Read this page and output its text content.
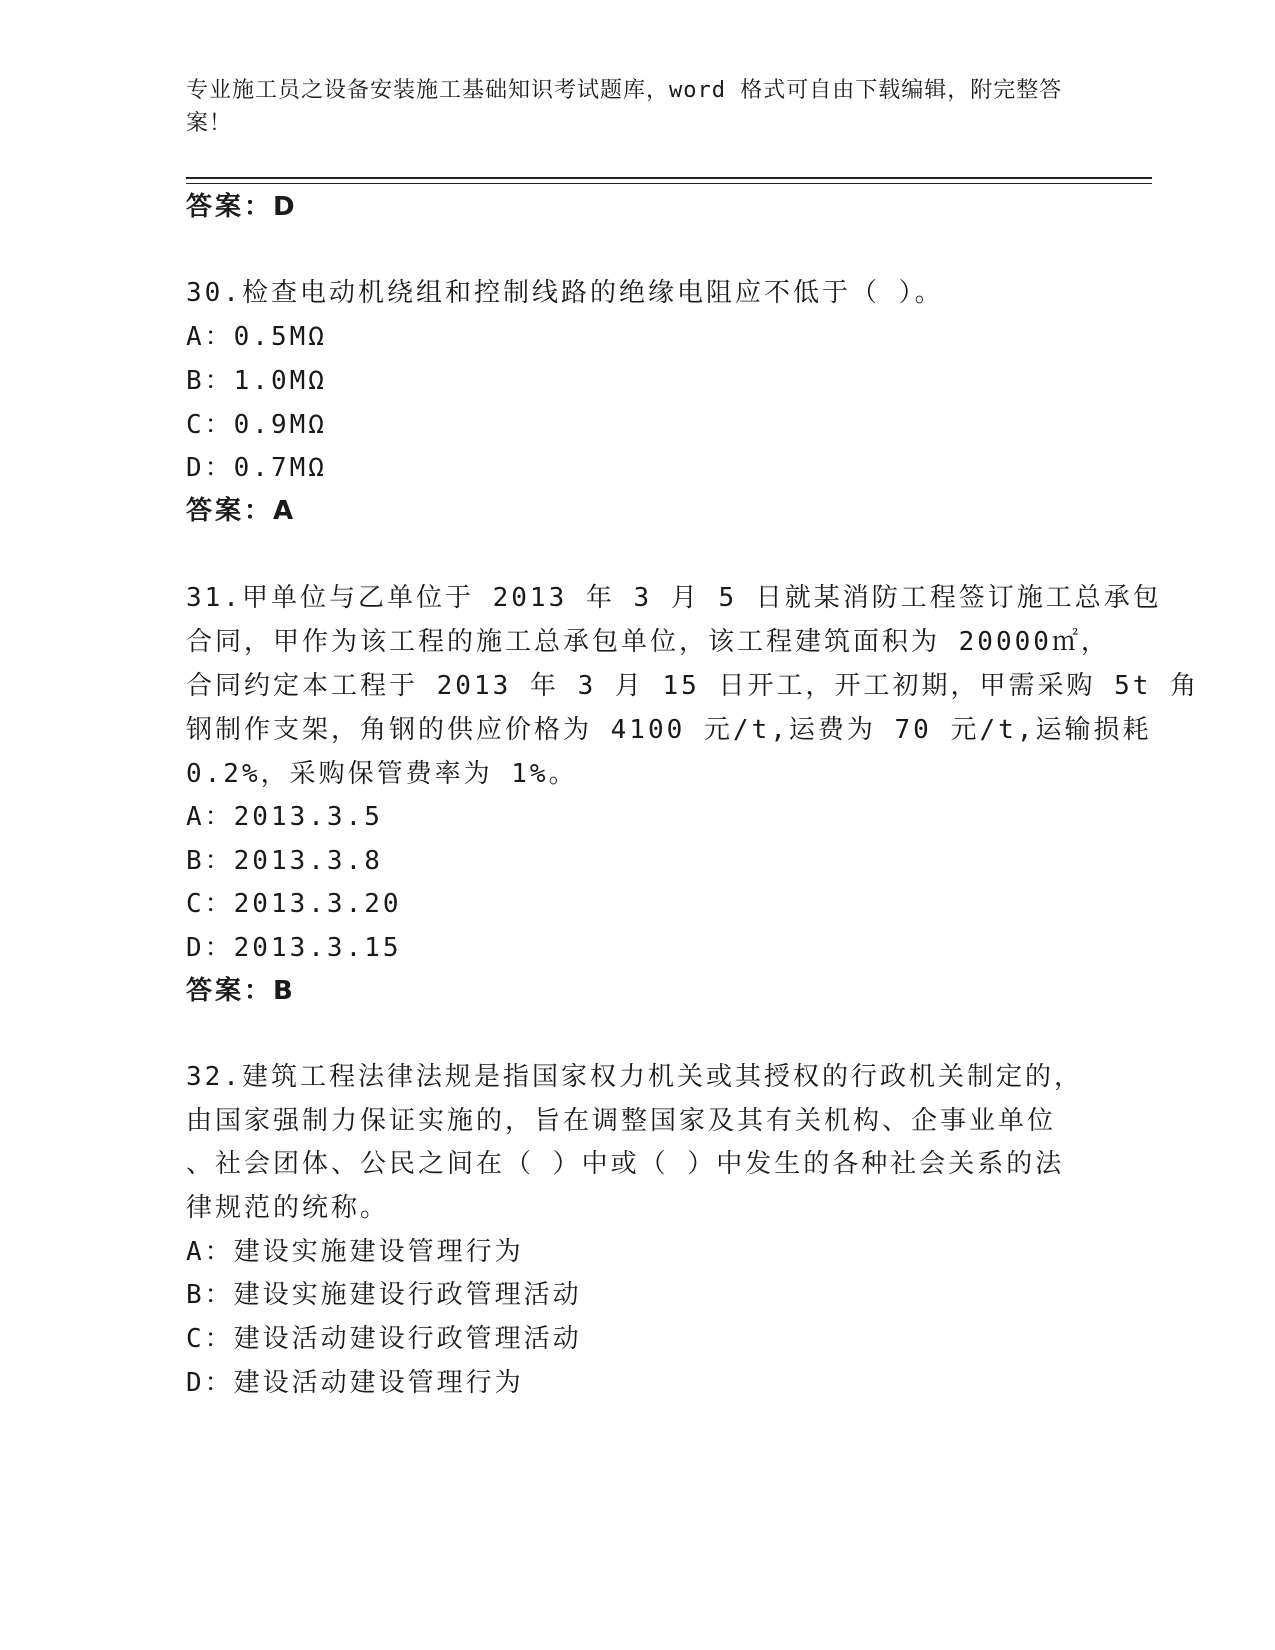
专业施工员之设备安装施工基础知识考试题库，word 格式可自由下载编辑，附完整答案！
答案：D
30.检查电动机绕组和控制线路的绝缘电阻应不低于（ ）。
A：0.5MΩ
B：1.0MΩ
C：0.9MΩ
D：0.7MΩ
答案：A
31.甲单位与乙单位于 2013 年 3 月 5 日就某消防工程签订施工总承包
合同，甲作为该工程的施工总承包单位，该工程建筑面积为 20000㎡，
合同约定本工程于 2013 年 3 月 15 日开工，开工初期，甲需采购 5t 角
钢制作支架，角钢的供应价格为 4100 元/t,运费为 70 元/t,运输损耗
0.2%，采购保管费率为 1%。
A：2013.3.5
B：2013.3.8
C：2013.3.20
D：2013.3.15
答案：B
32.建筑工程法律法规是指国家权力机关或其授权的行政机关制定的，
由国家强制力保证实施的，旨在调整国家及其有关机构、企事业单位
、社会团体、公民之间在（ ）中或（ ）中发生的各种社会关系的法
律规范的统称。
A：建设实施建设管理行为
B：建设实施建设行政管理活动
C：建设活动建设行政管理活动
D：建设活动建设管理行为
